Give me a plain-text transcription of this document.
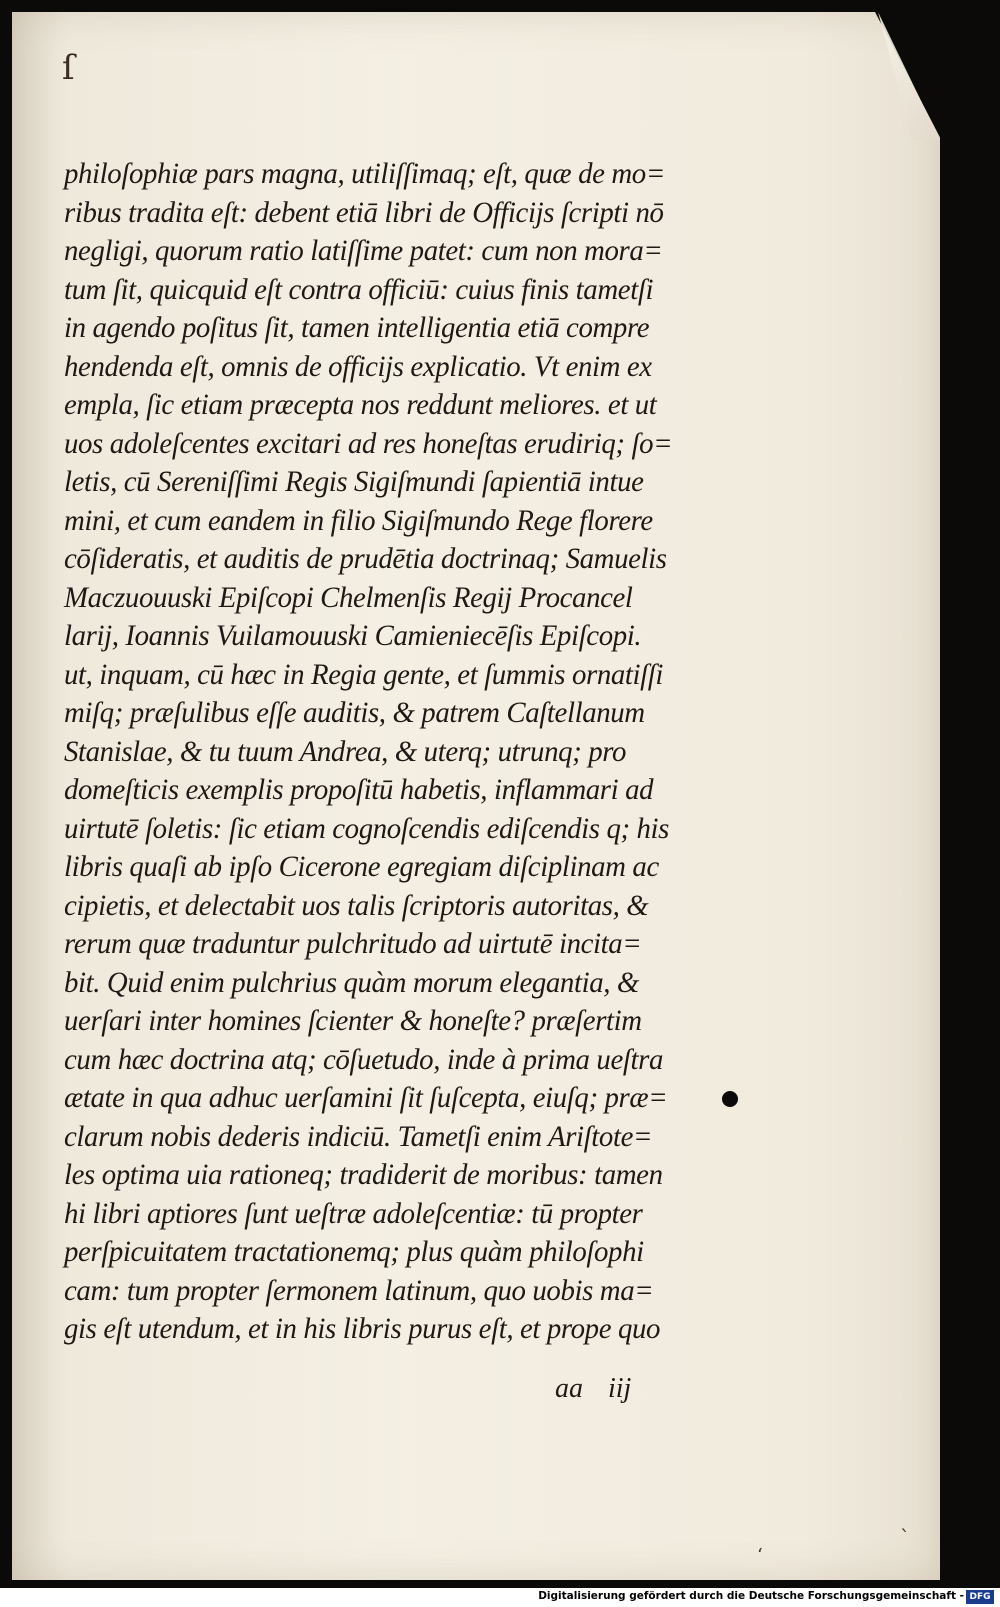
ſ
philoſophiæ pars magna, utiliſſimaq; eſt, quæ de mo=
ribus tradita eſt: debent etiā libri de Officijs ſcripti nō
negligi, quorum ratio latiſſime patet: cum non mora=
tum ſit, quicquid eſt contra officiū: cuius finis tametſi
in agendo poſitus ſit, tamen intelligentia etiā compre
hendenda eſt, omnis de officijs explicatio. Vt enim ex
empla, ſic etiam præcepta nos reddunt meliores. et ut
uos adoleſcentes excitari ad res honeſtas erudiriq; ſo=
letis, cū Sereniſſimi Regis Sigiſmundi ſapientiā intue
mini, et cum eandem in filio Sigiſmundo Rege florere
cōſideratis, et auditis de prudētia doctrinaq; Samuelis
Maczuouuski Epiſcopi Chelmenſis Regij Procancel
larij, Ioannis Vuilamouuski Camieniecēſis Epiſcopi.
ut, inquam, cū hæc in Regia gente, et ſummis ornatiſſi
miſq; præſulibus eſſe auditis, & patrem Caſtellanum
Stanislae, & tu tuum Andrea, & uterq; utrunq; pro
domeſticis exemplis propoſitū habetis, inflammari ad
uirtutē ſoletis: ſic etiam cognoſcendis ediſcendis q; his
libris quaſi ab ipſo Cicerone egregiam diſciplinam ac
cipietis, et delectabit uos talis ſcriptoris autoritas, &
rerum quæ traduntur pulchritudo ad uirtutē incita=
bit. Quid enim pulchrius quàm morum elegantia, &
uerſari inter homines ſcienter & honeſte? præſertim
cum hæc doctrina atq; cōſuetudo, inde à prima ueſtra
ætate in qua adhuc uerſamini ſit ſuſcepta, eiuſq; præ=
clarum nobis dederis indiciū. Tametſi enim Ariſtote=
les optima uia rationeq; tradiderit de moribus: tamen
hi libri aptiores ſunt ueſtræ adoleſcentiæ: tū propter
perſpicuitatem tractationemq; plus quàm philoſophi
cam: tum propter ſermonem latinum, quo uobis ma=
gis eſt utendum, et in his libris purus eſt, et prope quo
aa iij
‘
`
Digitalisierung gefördert durch die Deutsche Forschungsgemeinschaft - DFG
